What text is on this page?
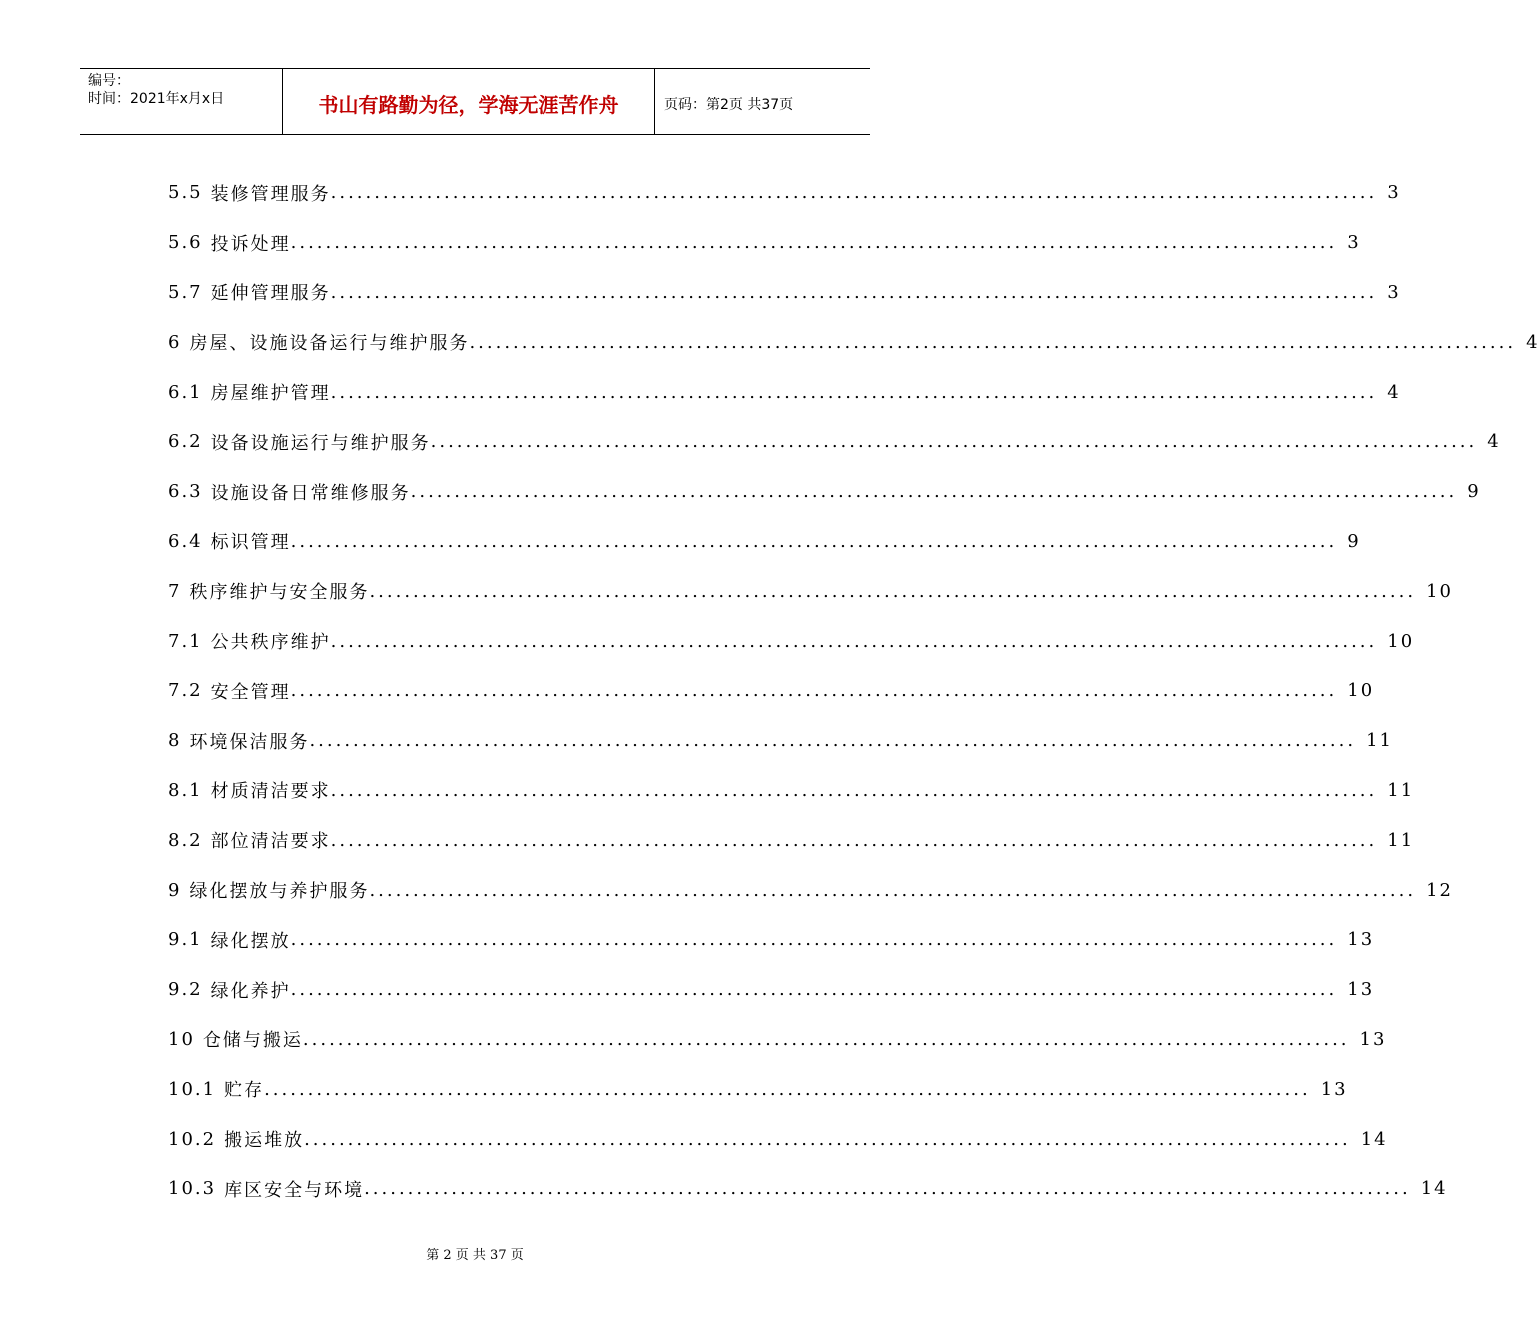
编号：
时间：2021年x月x日	书山有路勤为径，学海无涯苦作舟	页码：第2页 共37页
5.5 装修管理服务 ........................................................................................................................ 3
5.6 投诉处理 ........................................................................................................................ 3
5.7 延伸管理服务 ........................................................................................................................ 3
6 房屋、设施设备运行与维护服务 ........................................................................................................................ 4
6.1 房屋维护管理 ........................................................................................................................ 4
6.2 设备设施运行与维护服务 ........................................................................................................................ 4
6.3 设施设备日常维修服务 ........................................................................................................................ 9
6.4 标识管理 ........................................................................................................................ 9
7 秩序维护与安全服务 ........................................................................................................................ 10
7.1 公共秩序维护 ........................................................................................................................ 10
7.2 安全管理 ........................................................................................................................ 10
8 环境保洁服务 ........................................................................................................................ 11
8.1 材质清洁要求 ........................................................................................................................ 11
8.2 部位清洁要求 ........................................................................................................................ 11
9 绿化摆放与养护服务 ........................................................................................................................ 12
9.1 绿化摆放 ........................................................................................................................ 13
9.2 绿化养护 ........................................................................................................................ 13
10 仓储与搬运 ........................................................................................................................ 13
10.1 贮存 ........................................................................................................................ 13
10.2 搬运堆放 ........................................................................................................................ 14
10.3 库区安全与环境 ........................................................................................................................ 14
第 2 页 共 37 页
